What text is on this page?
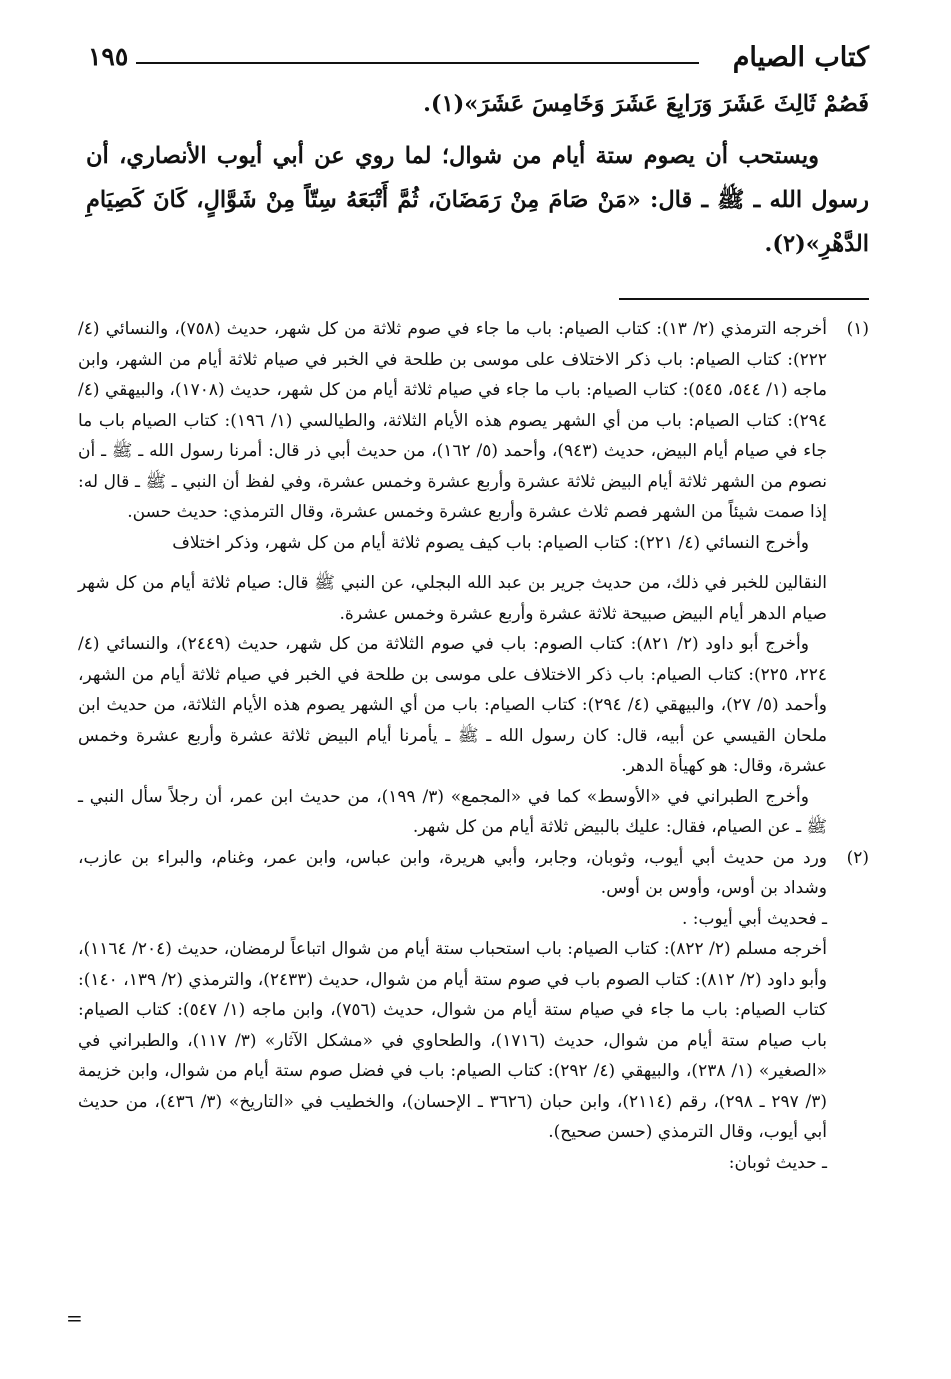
كتاب الصيام
١٩٥

فَصُمْ ثَالِثَ عَشَرَ وَرَابِعَ عَشَرَ وَخَامِسَ عَشَرَ»(١).

ويستحب أن يصوم ستة أيام من شوال؛ لما روي عن أبي أيوب الأنصاري، أن رسول الله ـ ﷺ ـ قال: «مَنْ صَامَ مِنْ رَمَضَانَ، ثُمَّ أَتْبَعَهُ سِتّاً مِنْ شَوَّالٍ، كَانَ كَصِيَامِ الدَّهْرِ»(٢).

(١)

أخرجه الترمذي (٢/ ١٣): كتاب الصيام: باب ما جاء في صوم ثلاثة من كل شهر، حديث (٧٥٨)، والنسائي (٤/ ٢٢٢): كتاب الصيام: باب ذكر الاختلاف على موسى بن طلحة في الخبر في صيام ثلاثة أيام من الشهر، وابن ماجه (١/ ٥٤٤، ٥٤٥): كتاب الصيام: باب ما جاء في صيام ثلاثة أيام من كل شهر، حديث (١٧٠٨)، والبيهقي (٤/ ٢٩٤): كتاب الصيام: باب من أي الشهر يصوم هذه الأيام الثلاثة، والطيالسي (١/ ١٩٦): كتاب الصيام باب ما جاء في صيام أيام البيض، حديث (٩٤٣)، وأحمد (٥/ ١٦٢)، من حديث أبي ذر قال: أمرنا رسول الله ـ ﷺ ـ أن نصوم من الشهر ثلاثة أيام البيض ثلاثة عشرة وأربع عشرة وخمس عشرة، وفي لفظ أن النبي ـ ﷺ ـ قال له: إذا صمت شيئاً من الشهر فصم ثلاث عشرة وأربع عشرة وخمس عشرة، وقال الترمذي: حديث حسن.

وأخرج النسائي (٤/ ٢٢١): كتاب الصيام: باب كيف يصوم ثلاثة أيام من كل شهر، وذكر اختلاف

النقالين للخبر في ذلك، من حديث جرير بن عبد الله البجلي، عن النبي ﷺ قال: صيام ثلاثة أيام من كل شهر صيام الدهر أيام البيض صبيحة ثلاثة عشرة وأربع عشرة وخمس عشرة.

وأخرج أبو داود (٢/ ٨٢١): كتاب الصوم: باب في صوم الثلاثة من كل شهر، حديث (٢٤٤٩)، والنسائي (٤/ ٢٢٤، ٢٢٥): كتاب الصيام: باب ذكر الاختلاف على موسى بن طلحة في الخبر في صيام ثلاثة أيام من الشهر، وأحمد (٥/ ٢٧)، والبيهقي (٤/ ٢٩٤): كتاب الصيام: باب من أي الشهر يصوم هذه الأيام الثلاثة، من حديث ابن ملحان القيسي عن أبيه، قال: كان رسول الله ـ ﷺ ـ يأمرنا أيام البيض ثلاثة عشرة وأربع عشرة وخمس عشرة، وقال: هو كهيأة الدهر.

وأخرج الطبراني في «الأوسط» كما في «المجمع» (٣/ ١٩٩)، من حديث ابن عمر، أن رجلاً سأل النبي ـ ﷺ ـ عن الصيام، فقال: عليك بالبيض ثلاثة أيام من كل شهر.

(٢)

ورد من حديث أبي أيوب، وثوبان، وجابر، وأبي هريرة، وابن عباس، وابن عمر، وغنام، والبراء بن عازب، وشداد بن أوس، وأوس بن أوس.

ـ فحديث أبي أيوب: .

أخرجه مسلم (٢/ ٨٢٢): كتاب الصيام: باب استحباب ستة أيام من شوال اتباعاً لرمضان، حديث (٢٠٤/ ١١٦٤)، وأبو داود (٢/ ٨١٢): كتاب الصوم باب في صوم ستة أيام من شوال، حديث (٢٤٣٣)، والترمذي (٢/ ١٣٩، ١٤٠): كتاب الصيام: باب ما جاء في صيام ستة أيام من شوال، حديث (٧٥٦)، وابن ماجه (١/ ٥٤٧): كتاب الصيام: باب صيام ستة أيام من شوال، حديث (١٧١٦)، والطحاوي في «مشكل الآثار» (٣/ ١١٧)، والطبراني في «الصغير» (١/ ٢٣٨)، والبيهقي (٤/ ٢٩٢): كتاب الصيام: باب في فضل صوم ستة أيام من شوال، وابن خزيمة (٣/ ٢٩٧ ـ ٢٩٨)، رقم (٢١١٤)، وابن حبان (٣٦٢٦ ـ الإحسان)، والخطيب في «التاريخ» (٣/ ٤٣٦)، من حديث أبي أيوب، وقال الترمذي (حسن صحيح).

ـ حديث ثوبان:

=
